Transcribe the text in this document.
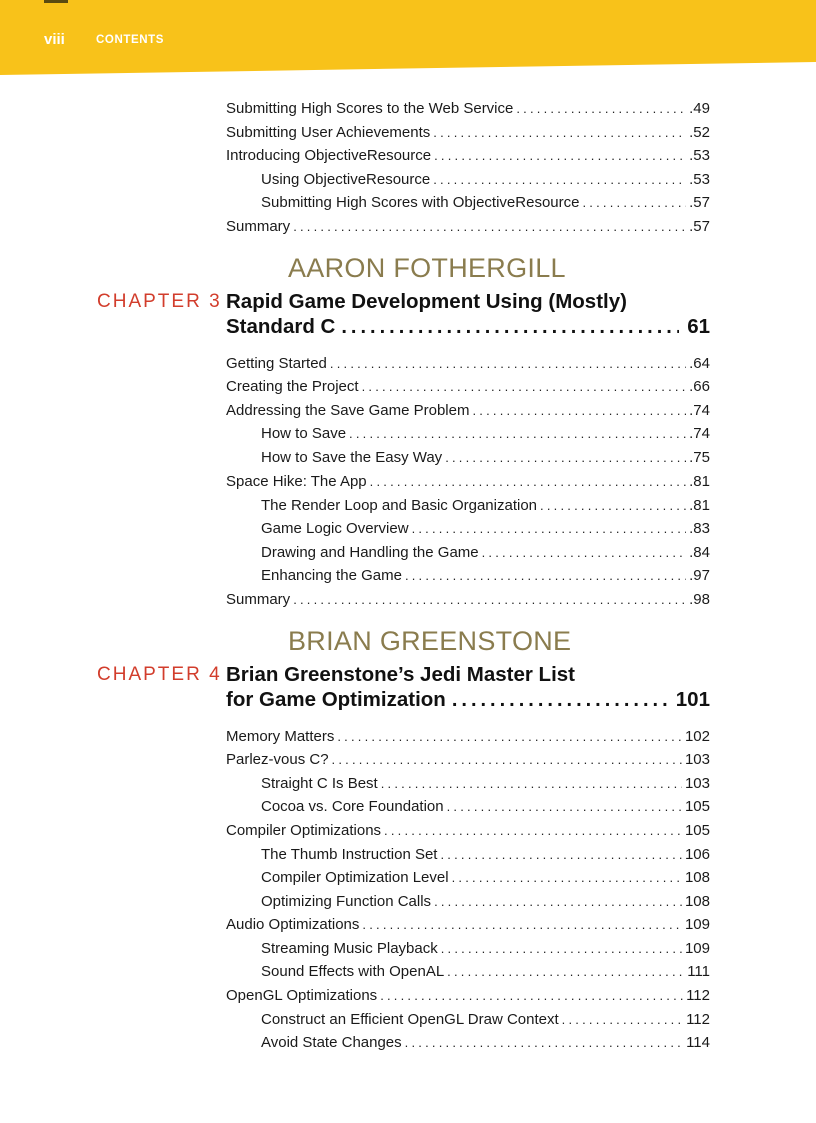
viii	CONTENTS
Submitting High Scores to the Web Service .....	.49
Submitting User Achievements .....	.52
Introducing ObjectiveResource .....	.53
Using ObjectiveResource .....	.53
Submitting High Scores with ObjectiveResource .....	.57
Summary .....	.57
AARON FOTHERGILL
CHAPTER 3 Rapid Game Development Using (Mostly)
Standard C .....	61
Getting Started .....	.64
Creating the Project .....	.66
Addressing the Save Game Problem .....	.74
How to Save .....	.74
How to Save the Easy Way .....	.75
Space Hike: The App .....	.81
The Render Loop and Basic Organization .....	.81
Game Logic Overview .....	.83
Drawing and Handling the Game .....	.84
Enhancing the Game .....	.97
Summary .....	.98
BRIAN GREENSTONE
CHAPTER 4 Brian Greenstone’s Jedi Master List
for Game Optimization .....	101
Memory Matters .....	102
Parlez-vous C? .....	103
Straight C Is Best .....	103
Cocoa vs. Core Foundation .....	105
Compiler Optimizations .....	105
The Thumb Instruction Set .....	106
Compiler Optimization Level .....	108
Optimizing Function Calls .....	108
Audio Optimizations .....	109
Streaming Music Playback .....	109
Sound Effects with OpenAL .....	111
OpenGL Optimizations .....	112
Construct an Efficient OpenGL Draw Context .....	112
Avoid State Changes .....	114
